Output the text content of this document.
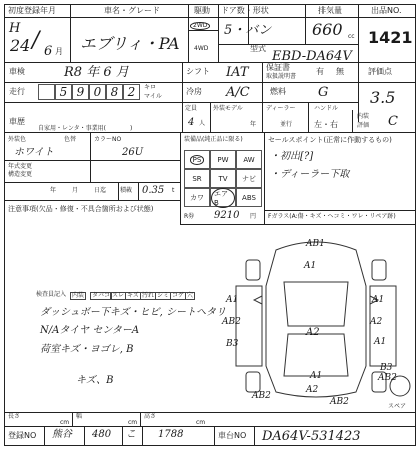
初度登録年月
H
24 / 6 月
車名・グレード
エブリィ・PA
駆動
2WD
4WD
ドア数・形状
5・バン
排気量
660 cc
型式
EBD-DA64V
出品NO.
1421
車検	R8 年 6 月	シフト IAT 保証書
取扱説明書
有 無	評価点
3.5
走行	5 9 0 8 2	キロ
マイル
冷房 A/C	燃料 G
車歴
自家用・レンタ・事業用(	)
定員
4 人
外装モデル
年
ディーラー
並行
ハンドル
左・右
内装
評価 C
外装色
ホワイト
色替	カラーNO
26U
年式変更
構造変更
年	月	日迄 積載 0.35 t
装備品(純正品に限る)
PS	PW	AW
SR	TV	ナビ
カワ	エアB
ABS
R券 9210 円
セールスポイント(正常に作動するもの)
・初出[?]
・ディーラー下取
注意事項(欠品・修復・不具合箇所および状態)
Fガラス(A:傷・キズ・ヘコミ・ワレ・リペア跡)
検査員記入 内装	タバコ スレ キズ 汚れ シミ コゲ 穴
ダッシュボー下キズ・ヒビ, シートヘタリ
N/Aタイヤ センターA
荷室キズ・ヨゴレ, B
キズ、B
AB1
A1
A1
A2
AB2
B3
A1
A2
A1
B3
AB2
AB2
AB2
A1
A2
スペア
長さ
cm
幅
cm
高さ
cm
登録NO 熊谷 480 こ 1788	車台NO DA64V-531423
